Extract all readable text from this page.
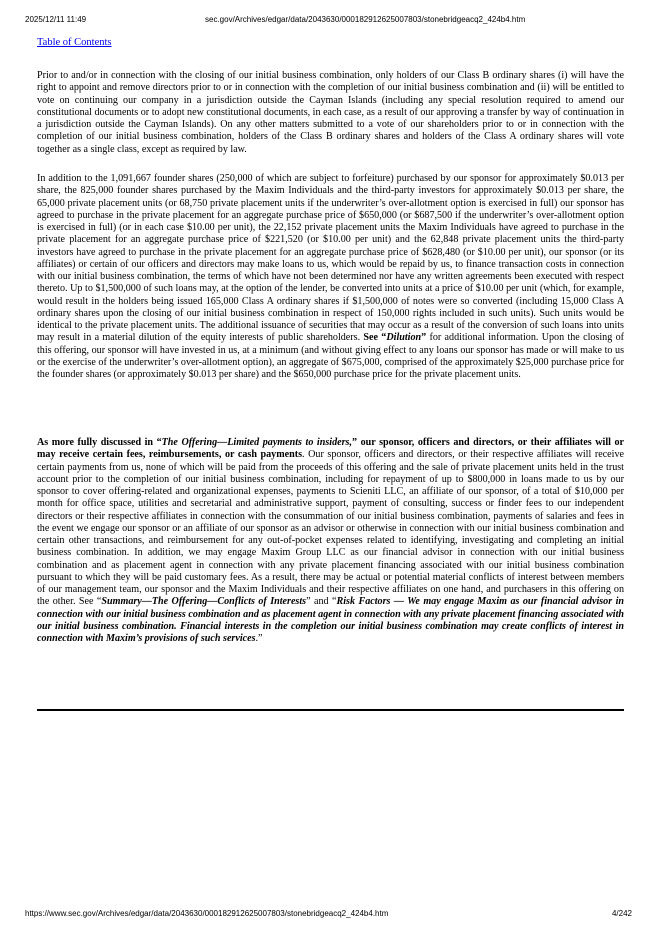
2025/12/11 11:49	sec.gov/Archives/edgar/data/2043630/000182912625007803/stonebridgeacq2_424b4.htm
Table of Contents

Prior to and/or in connection with the closing of our initial business combination, only holders of our Class B ordinary shares (i) will have the right to appoint and remove directors prior to or in connection with the completion of our initial business combination and (ii) will be entitled to vote on continuing our company in a jurisdiction outside the Cayman Islands (including any special resolution required to amend our constitutional documents or to adopt new constitutional documents, in each case, as a result of our approving a transfer by way of continuation in a jurisdiction outside the Cayman Islands). On any other matters submitted to a vote of our shareholders prior to or in connection with the completion of our initial business combination, holders of the Class B ordinary shares and holders of the Class A ordinary shares will vote together as a single class, except as required by law.

In addition to the 1,091,667 founder shares (250,000 of which are subject to forfeiture) purchased by our sponsor for approximately $0.013 per share, the 825,000 founder shares purchased by the Maxim Individuals and the third-party investors for approximately $0.013 per share, the 65,000 private placement units (or 68,750 private placement units if the underwriter’s over-allotment option is exercised in full) our sponsor has agreed to purchase in the private placement for an aggregate purchase price of $650,000 (or $687,500 if the underwriter’s over-allotment option is exercised in full) (or in each case $10.00 per unit), the 22,152 private placement units the Maxim Individuals have agreed to purchase in the private placement for an aggregate purchase price of $221,520 (or $10.00 per unit) and the 62,848 private placement units the third-party investors have agreed to purchase in the private placement for an aggregate purchase price of $628,480 (or $10.00 per unit), our sponsor (or its affiliates) or certain of our officers and directors may make loans to us, which would be repaid by us, to finance transaction costs in connection with our initial business combination, the terms of which have not been determined nor have any written agreements been executed with respect thereto. Up to $1,500,000 of such loans may, at the option of the lender, be converted into units at a price of $10.00 per unit (which, for example, would result in the holders being issued 165,000 Class A ordinary shares if $1,500,000 of notes were so converted (including 15,000 Class A ordinary shares upon the closing of our initial business combination in respect of 150,000 rights included in such units). Such units would be identical to the private placement units. The additional issuance of securities that may occur as a result of the conversion of such loans into units may result in a material dilution of the equity interests of public shareholders. See “Dilution” for additional information. Upon the closing of this offering, our sponsor will have invested in us, at a minimum (and without giving effect to any loans our sponsor has made or will make to us or the exercise of the underwriter’s over-allotment option), an aggregate of $675,000, comprised of the approximately $25,000 purchase price for the founder shares (or approximately $0.013 per share) and the $650,000 purchase price for the private placement units.

As more fully discussed in “The Offering—Limited payments to insiders,” our sponsor, officers and directors, or their affiliates will or may receive certain fees, reimbursements, or cash payments. Our sponsor, officers and directors, or their respective affiliates will receive certain payments from us, none of which will be paid from the proceeds of this offering and the sale of private placement units held in the trust account prior to the completion of our initial business combination, including for repayment of up to $800,000 in loans made to us by our sponsor to cover offering-related and organizational expenses, payments to Scieniti LLC, an affiliate of our sponsor, of a total of $10,000 per month for office space, utilities and secretarial and administrative support, payment of consulting, success or finder fees to our independent directors or their respective affiliates in connection with the consummation of our initial business combination, payments of salaries and fees in the event we engage our sponsor or an affiliate of our sponsor as an advisor or otherwise in connection with our initial business combination and certain other transactions, and reimbursement for any out-of-pocket expenses related to identifying, investigating and completing an initial business combination. In addition, we may engage Maxim Group LLC as our financial advisor in connection with our initial business combination and as placement agent in connection with any private placement financing associated with our initial business combination pursuant to which they will be paid customary fees. As a result, there may be actual or potential material conflicts of interest between members of our management team, our sponsor and the Maxim Individuals and their respective affiliates on one hand, and purchasers in this offering on the other. See “Summary—The Offering—Conflicts of Interests” and “Risk Factors — We may engage Maxim as our financial advisor in connection with our initial business combination and as placement agent in connection with any private placement financing associated with our initial business combination. Financial interests in the completion our initial business combination may create conflicts of interest in connection with Maxim’s provisions of such services.”

https://www.sec.gov/Archives/edgar/data/2043630/000182912625007803/stonebridgeacq2_424b4.htm	4/242
